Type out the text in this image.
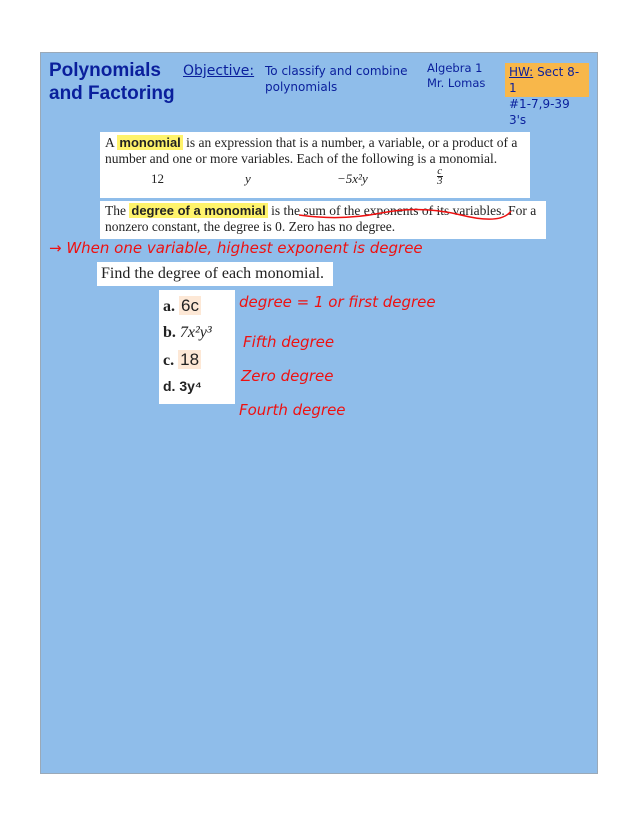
Polynomials
and Factoring
Objective: To classify and combine polynomials
Algebra 1
Mr. Lomas
HW: Sect 8-1
#1-7,9-39 3's
A monomial is an expression that is a number, a variable, or a product of a number and one or more variables. Each of the following is a monomial.
12	y	−5x²y	$\frac{c}{3}$
The degree of a monomial is the sum of the exponents of its variables. For a nonzero constant, the degree is 0. Zero has no degree.
→ When one variable, highest exponent is degree
Find the degree of each monomial.
a. 6c
b. 7x²y³
c. 18
d. 3y⁴
degree = 1 or first degree
Fifth degree
Zero degree
Fourth degree
